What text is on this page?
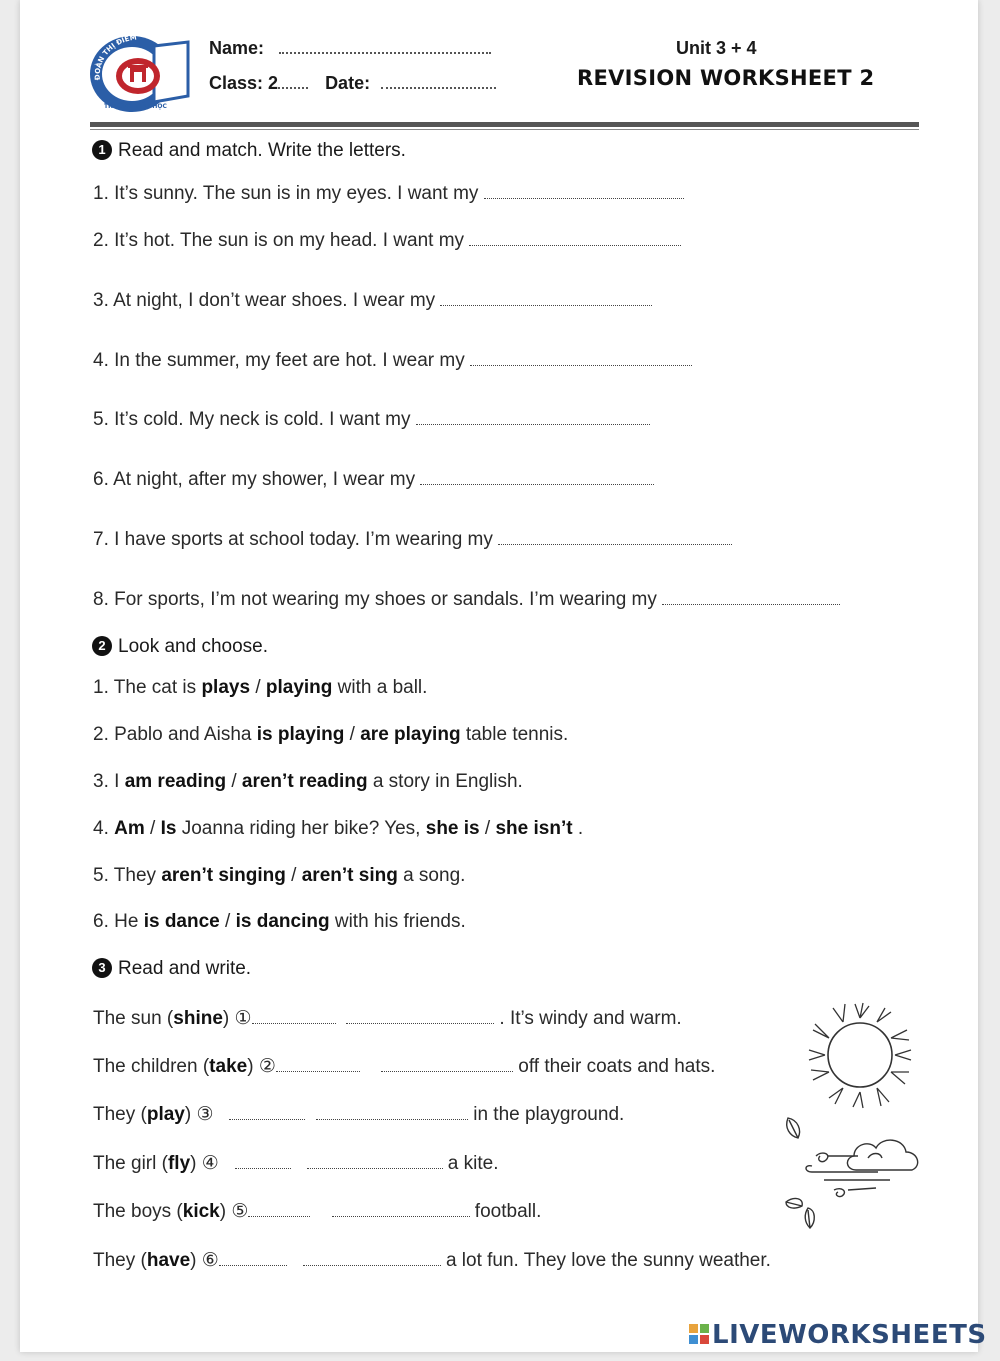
ĐOÀN THỊ ĐIỂM
TRƯỜNG TIỂU HỌC
Name:
Class: 2	Date:
Unit 3 + 4
REVISION WORKSHEET 2
1 Read and match. Write the letters.
1. It’s sunny. The sun is in my eyes. I want my
2. It’s hot. The sun is on my head. I want my
3. At night, I don’t wear shoes. I wear my
4. In the summer, my feet are hot. I wear my
5. It’s cold. My neck is cold. I want my
6. At night, after my shower, I wear my
7. I have sports at school today. I’m wearing my
8. For sports, I’m not wearing my shoes or sandals. I’m wearing my
2 Look and choose.
1. The cat is plays / playing with a ball.
2. Pablo and Aisha is playing / are playing table tennis.
3. I am reading / aren’t reading a story in English.
4. Am / Is Joanna riding her bike? Yes, she is / she isn’t .
5. They aren’t singing / aren’t sing a song.
6. He is dance / is dancing with his friends.
3 Read and write.
The sun (shine) ①	. It’s windy and warm.
The children (take) ②	off their coats and hats.
They (play) ③	in the playground.
The girl (fly) ④	a kite.
The boys (kick) ⑤	football.
They (have) ⑥	a lot fun. They love the sunny weather.
LIVEWORKSHEETS
